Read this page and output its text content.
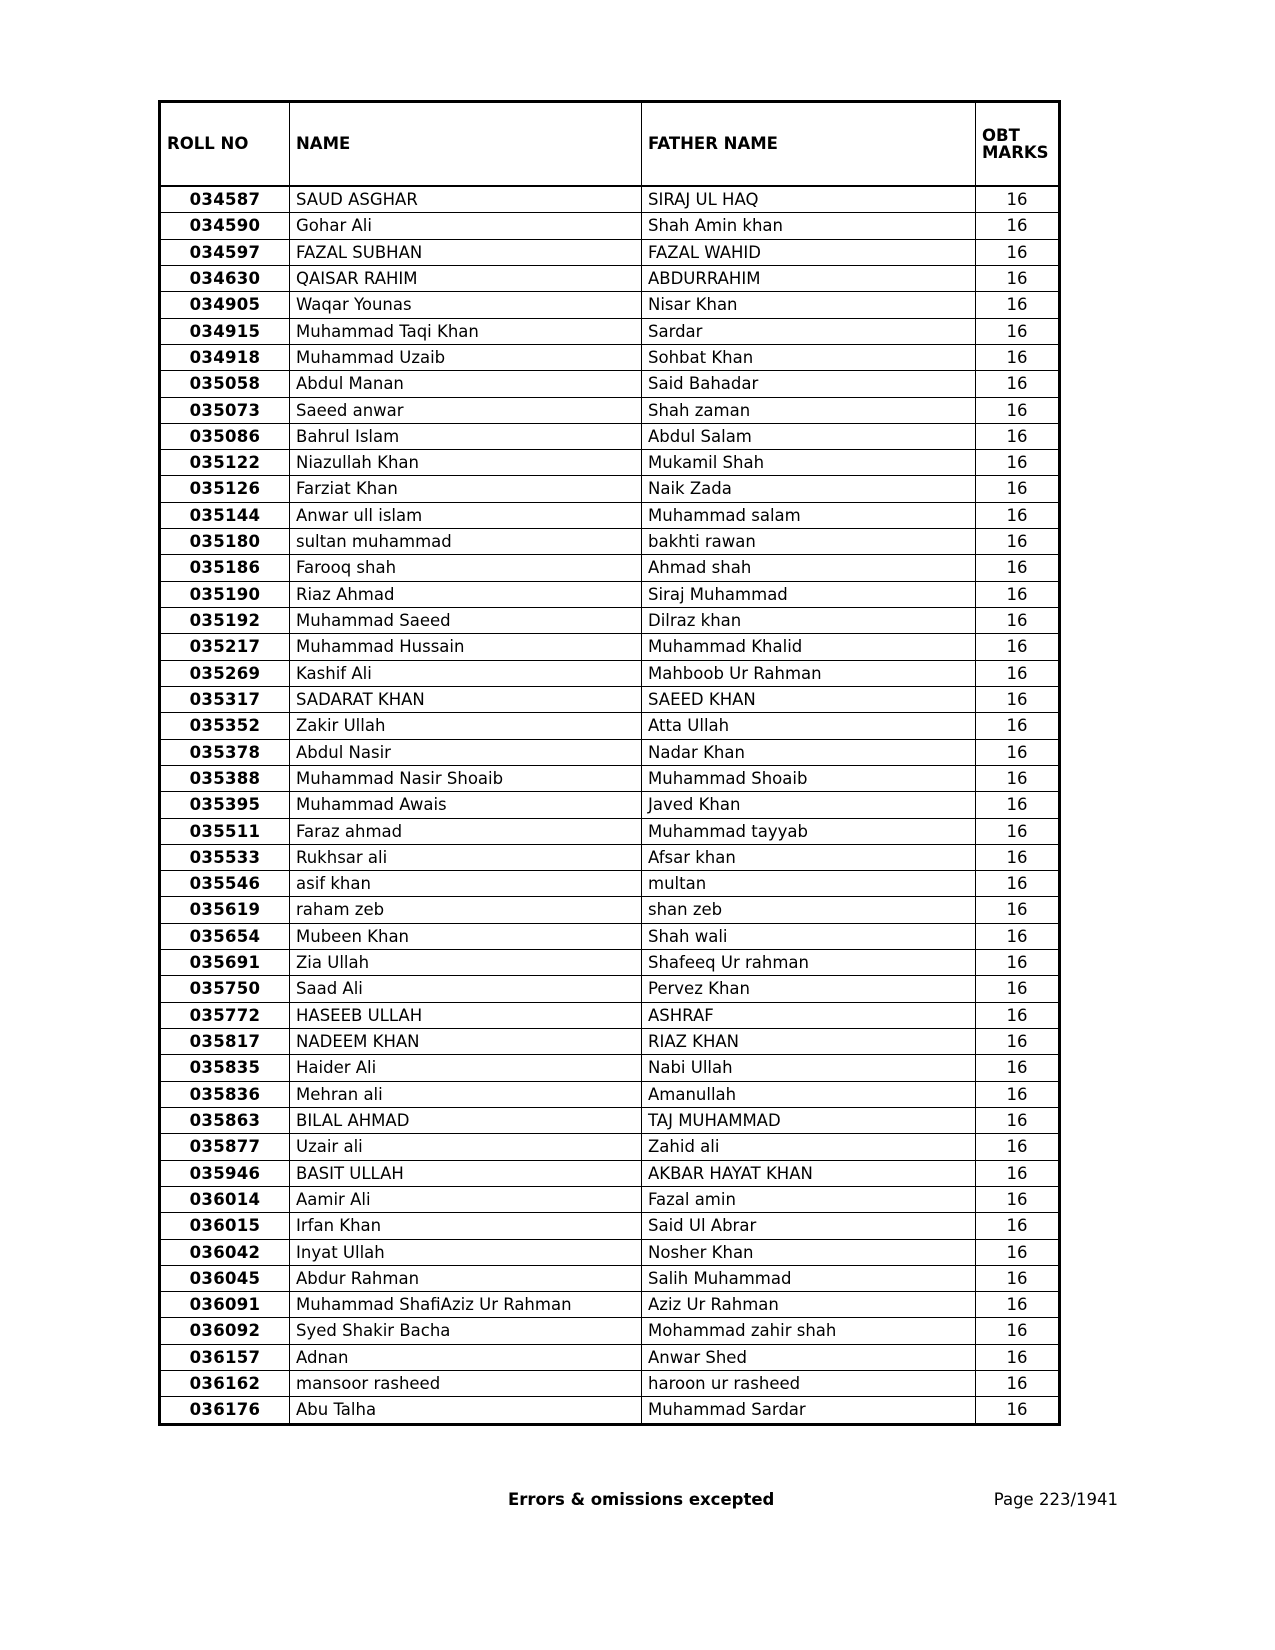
ROLL NO	NAME	FATHER NAME	OBT
MARKS
034587	SAUD ASGHAR	SIRAJ UL HAQ	16
034590	Gohar Ali	Shah Amin khan	16
034597	FAZAL SUBHAN	FAZAL WAHID	16
034630	QAISAR RAHIM	ABDURRAHIM	16
034905	Waqar Younas	Nisar Khan	16
034915	Muhammad Taqi Khan	Sardar	16
034918	Muhammad Uzaib	Sohbat Khan	16
035058	Abdul Manan	Said Bahadar	16
035073	Saeed anwar	Shah zaman	16
035086	Bahrul Islam	Abdul Salam	16
035122	Niazullah Khan	Mukamil Shah	16
035126	Farziat Khan	Naik Zada	16
035144	Anwar ull islam	Muhammad salam	16
035180	sultan muhammad	bakhti rawan	16
035186	Farooq shah	Ahmad shah	16
035190	Riaz Ahmad	Siraj Muhammad	16
035192	Muhammad Saeed	Dilraz khan	16
035217	Muhammad Hussain	Muhammad Khalid	16
035269	Kashif Ali	Mahboob Ur Rahman	16
035317	SADARAT KHAN	SAEED KHAN	16
035352	Zakir Ullah	Atta Ullah	16
035378	Abdul Nasir	Nadar Khan	16
035388	Muhammad Nasir Shoaib	Muhammad Shoaib	16
035395	Muhammad Awais	Javed Khan	16
035511	Faraz ahmad	Muhammad tayyab	16
035533	Rukhsar ali	Afsar khan	16
035546	asif khan	multan	16
035619	raham zeb	shan zeb	16
035654	Mubeen Khan	Shah wali	16
035691	Zia Ullah	Shafeeq Ur rahman	16
035750	Saad Ali	Pervez Khan	16
035772	HASEEB ULLAH	ASHRAF	16
035817	NADEEM KHAN	RIAZ KHAN	16
035835	Haider Ali	Nabi Ullah	16
035836	Mehran ali	Amanullah	16
035863	BILAL AHMAD	TAJ MUHAMMAD	16
035877	Uzair ali	Zahid ali	16
035946	BASIT ULLAH	AKBAR HAYAT KHAN	16
036014	Aamir Ali	Fazal amin	16
036015	Irfan Khan	Said Ul Abrar	16
036042	Inyat Ullah	Nosher Khan	16
036045	Abdur Rahman	Salih Muhammad	16
036091	Muhammad ShafiAziz Ur Rahman	Aziz Ur Rahman	16
036092	Syed Shakir Bacha	Mohammad zahir shah	16
036157	Adnan	Anwar Shed	16
036162	mansoor rasheed	haroon ur rasheed	16
036176	Abu Talha	Muhammad Sardar	16
Errors & omissions excepted	Page 223/1941
